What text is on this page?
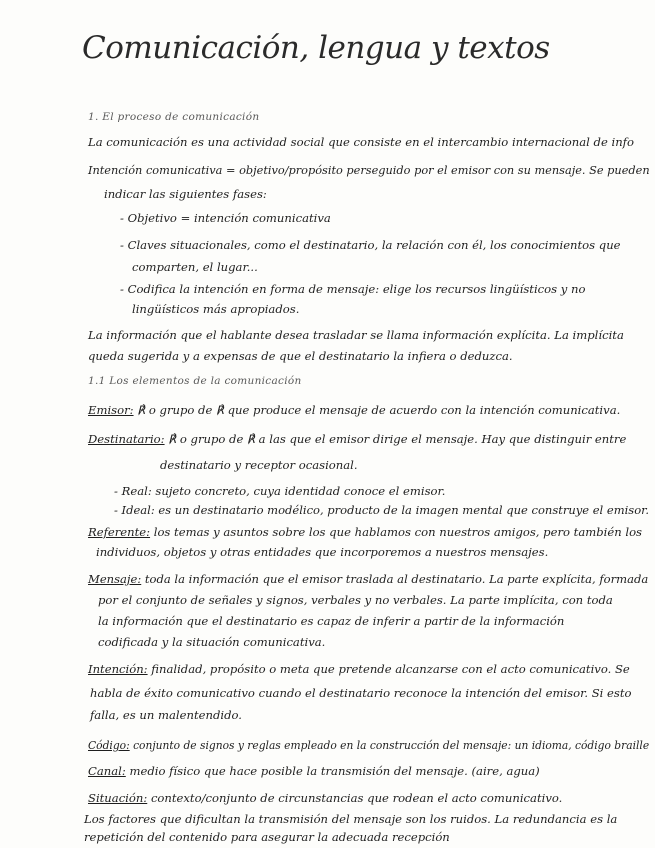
Comunicación, lengua y textos
1. El proceso de comunicación
La comunicación es una actividad social que consiste en el intercambio internacional de info
Intención comunicativa = objetivo/propósito perseguido por el emisor con su mensaje. Se pueden
indicar las siguientes fases:
- Objetivo = intención comunicativa
- Claves situacionales, como el destinatario, la relación con él, los conocimientos que
comparten, el lugar...
- Codifica la intención en forma de mensaje: elige los recursos lingüísticos y no
lingüísticos más apropiados.
La información que el hablante desea trasladar se llama información explícita. La implícita
queda sugerida y a expensas de que el destinatario la infiera o deduzca.
1.1 Los elementos de la comunicación
Emisor: ℟ o grupo de ℟ que produce el mensaje de acuerdo con la intención comunicativa.
Destinatario: ℟ o grupo de ℟ a las que el emisor dirige el mensaje. Hay que distinguir entre
destinatario y receptor ocasional.
- Real: sujeto concreto, cuya identidad conoce el emisor.
- Ideal: es un destinatario modélico, producto de la imagen mental que construye el emisor.
Referente: los temas y asuntos sobre los que hablamos con nuestros amigos, pero también los
individuos, objetos y otras entidades que incorporemos a nuestros mensajes.
Mensaje: toda la información que el emisor traslada al destinatario. La parte explícita, formada
por el conjunto de señales y signos, verbales y no verbales. La parte implícita, con toda
la información que el destinatario es capaz de inferir a partir de la información
codificada y la situación comunicativa.
Intención: finalidad, propósito o meta que pretende alcanzarse con el acto comunicativo. Se
habla de éxito comunicativo cuando el destinatario reconoce la intención del emisor. Si esto
falla, es un malentendido.
Código: conjunto de signos y reglas empleado en la construcción del mensaje: un idioma, código braille
Canal: medio físico que hace posible la transmisión del mensaje. (aire, agua)
Situación: contexto/conjunto de circunstancias que rodean el acto comunicativo.
Los factores que dificultan la transmisión del mensaje son los ruidos. La redundancia es la
repetición del contenido para asegurar la adecuada recepción
